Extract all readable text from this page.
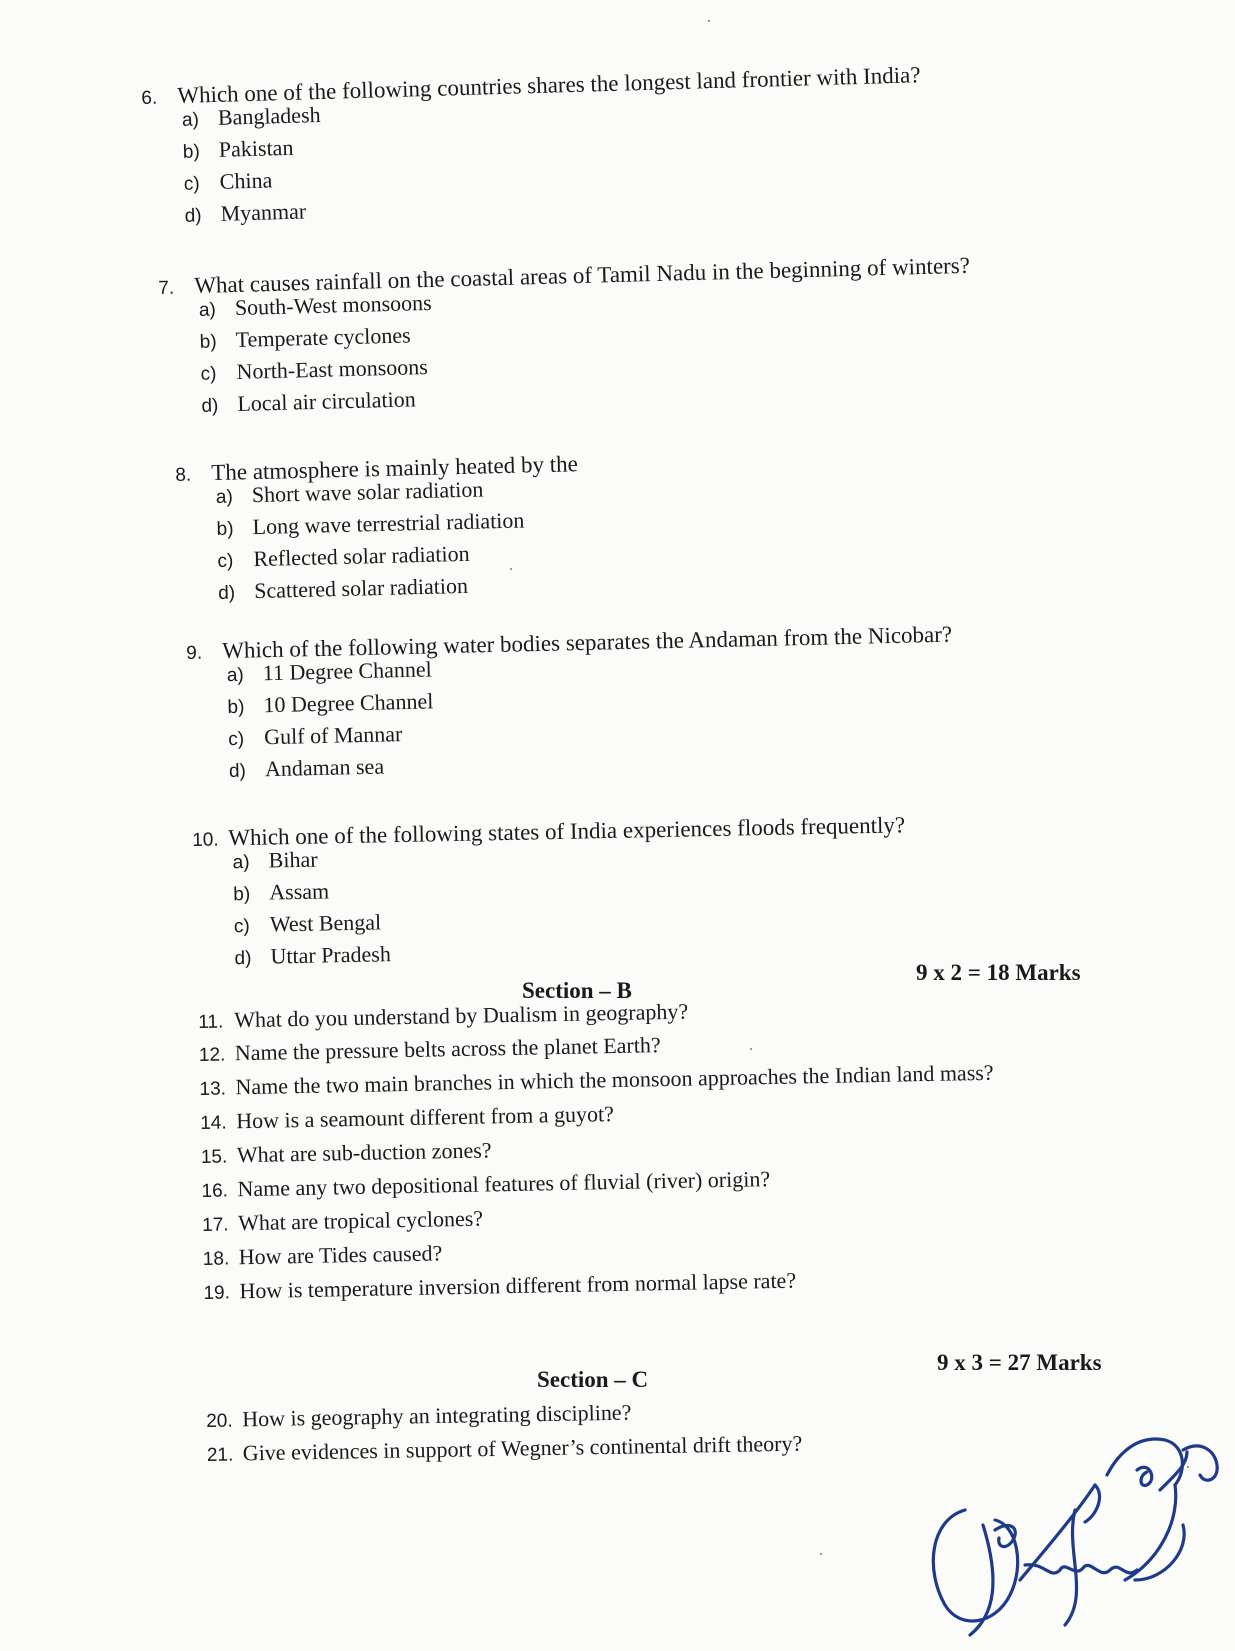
6. Which one of the following countries shares the longest land frontier with India?
a) Bangladesh
b) Pakistan
c) China
d) Myanmar
7. What causes rainfall on the coastal areas of Tamil Nadu in the beginning of winters?
a) South-West monsoons
b) Temperate cyclones
c) North-East monsoons
d) Local air circulation
8. The atmosphere is mainly heated by the
a) Short wave solar radiation
b) Long wave terrestrial radiation
c) Reflected solar radiation
d) Scattered solar radiation
9. Which of the following water bodies separates the Andaman from the Nicobar?
a) 11 Degree Channel
b) 10 Degree Channel
c) Gulf of Mannar
d) Andaman sea
10. Which one of the following states of India experiences floods frequently?
a) Bihar
b) Assam
c) West Bengal
d) Uttar Pradesh
Section – B
9 x 2 = 18 Marks
11. What do you understand by Dualism in geography?
12. Name the pressure belts across the planet Earth?
13. Name the two main branches in which the monsoon approaches the Indian land mass?
14. How is a seamount different from a guyot?
15. What are sub-duction zones?
16. Name any two depositional features of fluvial (river) origin?
17. What are tropical cyclones?
18. How are Tides caused?
19. How is temperature inversion different from normal lapse rate?
Section – C
9 x 3 = 27 Marks
20. How is geography an integrating discipline?
21. Give evidences in support of Wegner’s continental drift theory?
